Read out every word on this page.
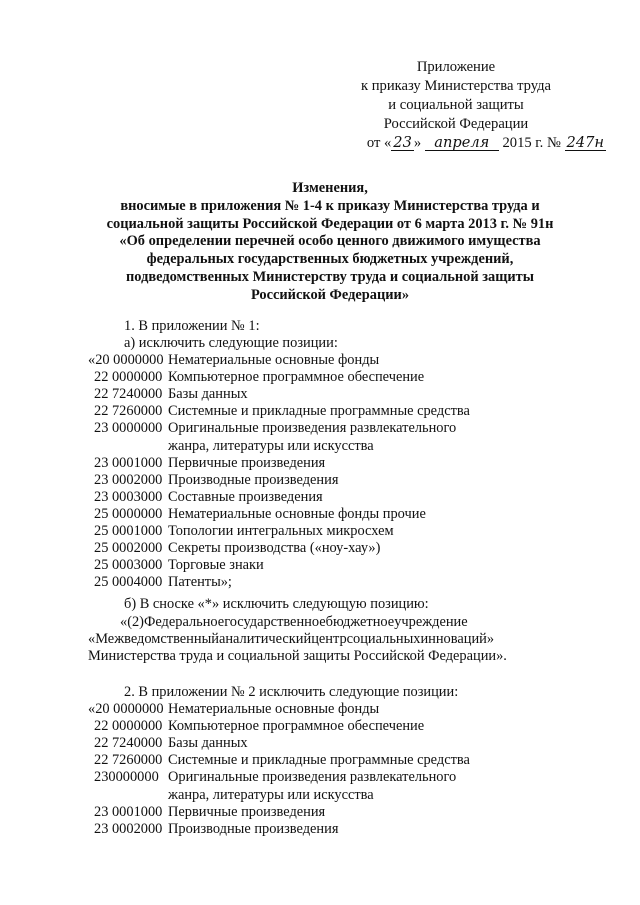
Приложение
к приказу Министерства труда
и социальной защиты
Российской Федерации
от « 23 » апреля 2015 г. № 247н
Изменения,
вносимые в приложения № 1-4 к приказу Министерства труда и
социальной защиты Российской Федерации от 6 марта 2013 г. № 91н
«Об определении перечней особо ценного движимого имущества
федеральных государственных бюджетных учреждений,
подведомственных Министерству труда и социальной защиты
Российской Федерации»
1. В приложении № 1:
а) исключить следующие позиции:
«20 0000000 Нематериальные основные фонды
22 0000000 Компьютерное программное обеспечение
22 7240000 Базы данных
22 7260000 Системные и прикладные программные средства
23 0000000 Оригинальные произведения развлекательного
жанра, литературы или искусства
23 0001000 Первичные произведения
23 0002000 Производные произведения
23 0003000 Составные произведения
25 0000000 Нематериальные основные фонды прочие
25 0001000 Топологии интегральных микросхем
25 0002000 Секреты производства («ноу-хау»)
25 0003000 Торговые знаки
25 0004000 Патенты»;
б) В сноске «*» исключить следующую позицию:
«(2)Федеральноегосударственноебюджетноеучреждение
«Межведомственныйаналитическийцентрсоциальныхинноваций»
Министерства труда и социальной защиты Российской Федерации».
2. В приложении № 2 исключить следующие позиции:
«20 0000000 Нематериальные основные фонды
22 0000000 Компьютерное программное обеспечение
22 7240000 Базы данных
22 7260000 Системные и прикладные программные средства
230000000 Оригинальные произведения развлекательного
жанра, литературы или искусства
23 0001000 Первичные произведения
23 0002000 Производные произведения
